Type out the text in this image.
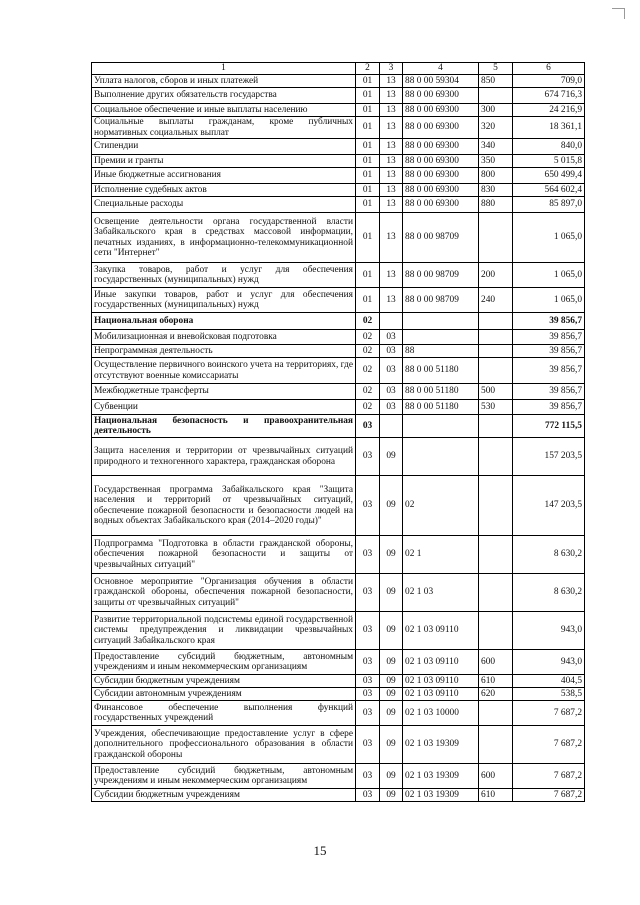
1	2	3	4	5	6
Уплата налогов, сборов и иных платежей	01	13	88 0 00 59304	850	709,0
Выполнение других обязательств государства	01	13	88 0 00 69300		674 716,3
Социальное обеспечение и иные выплаты населению	01	13	88 0 00 69300	300	24 216,9
Социальные выплаты гражданам, кроме публичных нормативных социальных выплат	01	13	88 0 00 69300	320	18 361,1
Стипендии	01	13	88 0 00 69300	340	840,0
Премии и гранты	01	13	88 0 00 69300	350	5 015,8
Иные бюджетные ассигнования	01	13	88 0 00 69300	800	650 499,4
Исполнение судебных актов	01	13	88 0 00 69300	830	564 602,4
Специальные расходы	01	13	88 0 00 69300	880	85 897,0
Освещение деятельности органа государственной власти Забайкальского края в средствах массовой информации, печатных изданиях, в информационно-телекоммуникационной сети "Интернет"	01	13	88 0 00 98709		1 065,0
Закупка товаров, работ и услуг для обеспечения государственных (муниципальных) нужд	01	13	88 0 00 98709	200	1 065,0
Иные закупки товаров, работ и услуг для обеспечения государственных (муниципальных) нужд	01	13	88 0 00 98709	240	1 065,0
Национальная оборона	02				39 856,7
Мобилизационная и вневойсковая подготовка	02	03			39 856,7
Непрограммная деятельность	02	03	88		39 856,7
Осуществление первичного воинского учета на территориях, где отсутствуют военные комиссариаты	02	03	88 0 00 51180		39 856,7
Межбюджетные трансферты	02	03	88 0 00 51180	500	39 856,7
Субвенции	02	03	88 0 00 51180	530	39 856,7
Национальная безопасность и правоохранительная деятельность	03				772 115,5
Защита населения и территории от чрезвычайных ситуаций природного и техногенного характера, гражданская оборона	03	09			157 203,5
Государственная программа Забайкальского края "Защита населения и территорий от чрезвычайных ситуаций, обеспечение пожарной безопасности и безопасности людей на водных объектах Забайкальского края (2014–2020 годы)"	03	09	02		147 203,5
Подпрограмма "Подготовка в области гражданской обороны, обеспечения пожарной безопасности и защиты от чрезвычайных ситуаций"	03	09	02 1		8 630,2
Основное мероприятие "Организация обучения в области гражданской обороны, обеспечения пожарной безопасности, защиты от чрезвычайных ситуаций"	03	09	02 1 03		8 630,2
Развитие территориальной подсистемы единой государственной системы предупреждения и ликвидации чрезвычайных ситуаций Забайкальского края	03	09	02 1 03 09110		943,0
Предоставление субсидий бюджетным, автономным учреждениям и иным некоммерческим организациям	03	09	02 1 03 09110	600	943,0
Субсидии бюджетным учреждениям	03	09	02 1 03 09110	610	404,5
Субсидии автономным учреждениям	03	09	02 1 03 09110	620	538,5
Финансовое обеспечение выполнения функций государственных учреждений	03	09	02 1 03 10000		7 687,2
Учреждения, обеспечивающие предоставление услуг в сфере дополнительного профессионального образования в области гражданской обороны	03	09	02 1 03 19309		7 687,2
Предоставление субсидий бюджетным, автономным учреждениям и иным некоммерческим организациям	03	09	02 1 03 19309	600	7 687,2
Субсидии бюджетным учреждениям	03	09	02 1 03 19309	610	7 687,2
15
